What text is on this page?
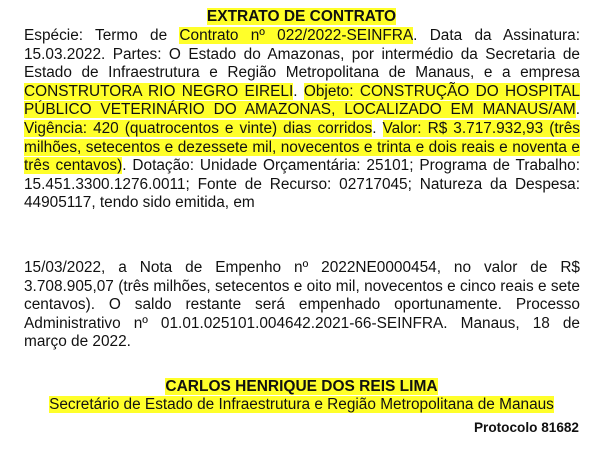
EXTRATO DE CONTRATO

Espécie: Termo de Contrato nº 022/2022-SEINFRA. Data da Assinatura: 15.03.2022. Partes: O Estado do Amazonas, por intermédio da Secretaria de Estado de Infraestrutura e Região Metropolitana de Manaus, e a empresa CONSTRUTORA RIO NEGRO EIRELI. Objeto: CONSTRUÇÃO DO HOSPITAL PÚBLICO VETERINÁRIO DO AMAZONAS, LOCALIZADO EM MANAUS/AM. Vigência: 420 (quatrocentos e vinte) dias corridos. Valor: R$ 3.717.932,93 (três milhões, setecentos e dezessete mil, novecentos e trinta e dois reais e noventa e três centavos). Dotação: Unidade Orçamentária: 25101; Programa de Trabalho: 15.451.3300.1276.0011; Fonte de Recurso: 02717045; Natureza da Despesa: 44905117, tendo sido emitida, em

15/03/2022, a Nota de Empenho nº 2022NE0000454, no valor de R$ 3.708.905,07 (três milhões, setecentos e oito mil, novecentos e cinco reais e sete centavos). O saldo restante será empenhado oportunamente. Processo Administrativo nº 01.01.025101.004642.2021-66-SEINFRA. Manaus, 18 de março de 2022.

CARLOS HENRIQUE DOS REIS LIMA
Secretário de Estado de Infraestrutura e Região Metropolitana de Manaus
Protocolo 81682
